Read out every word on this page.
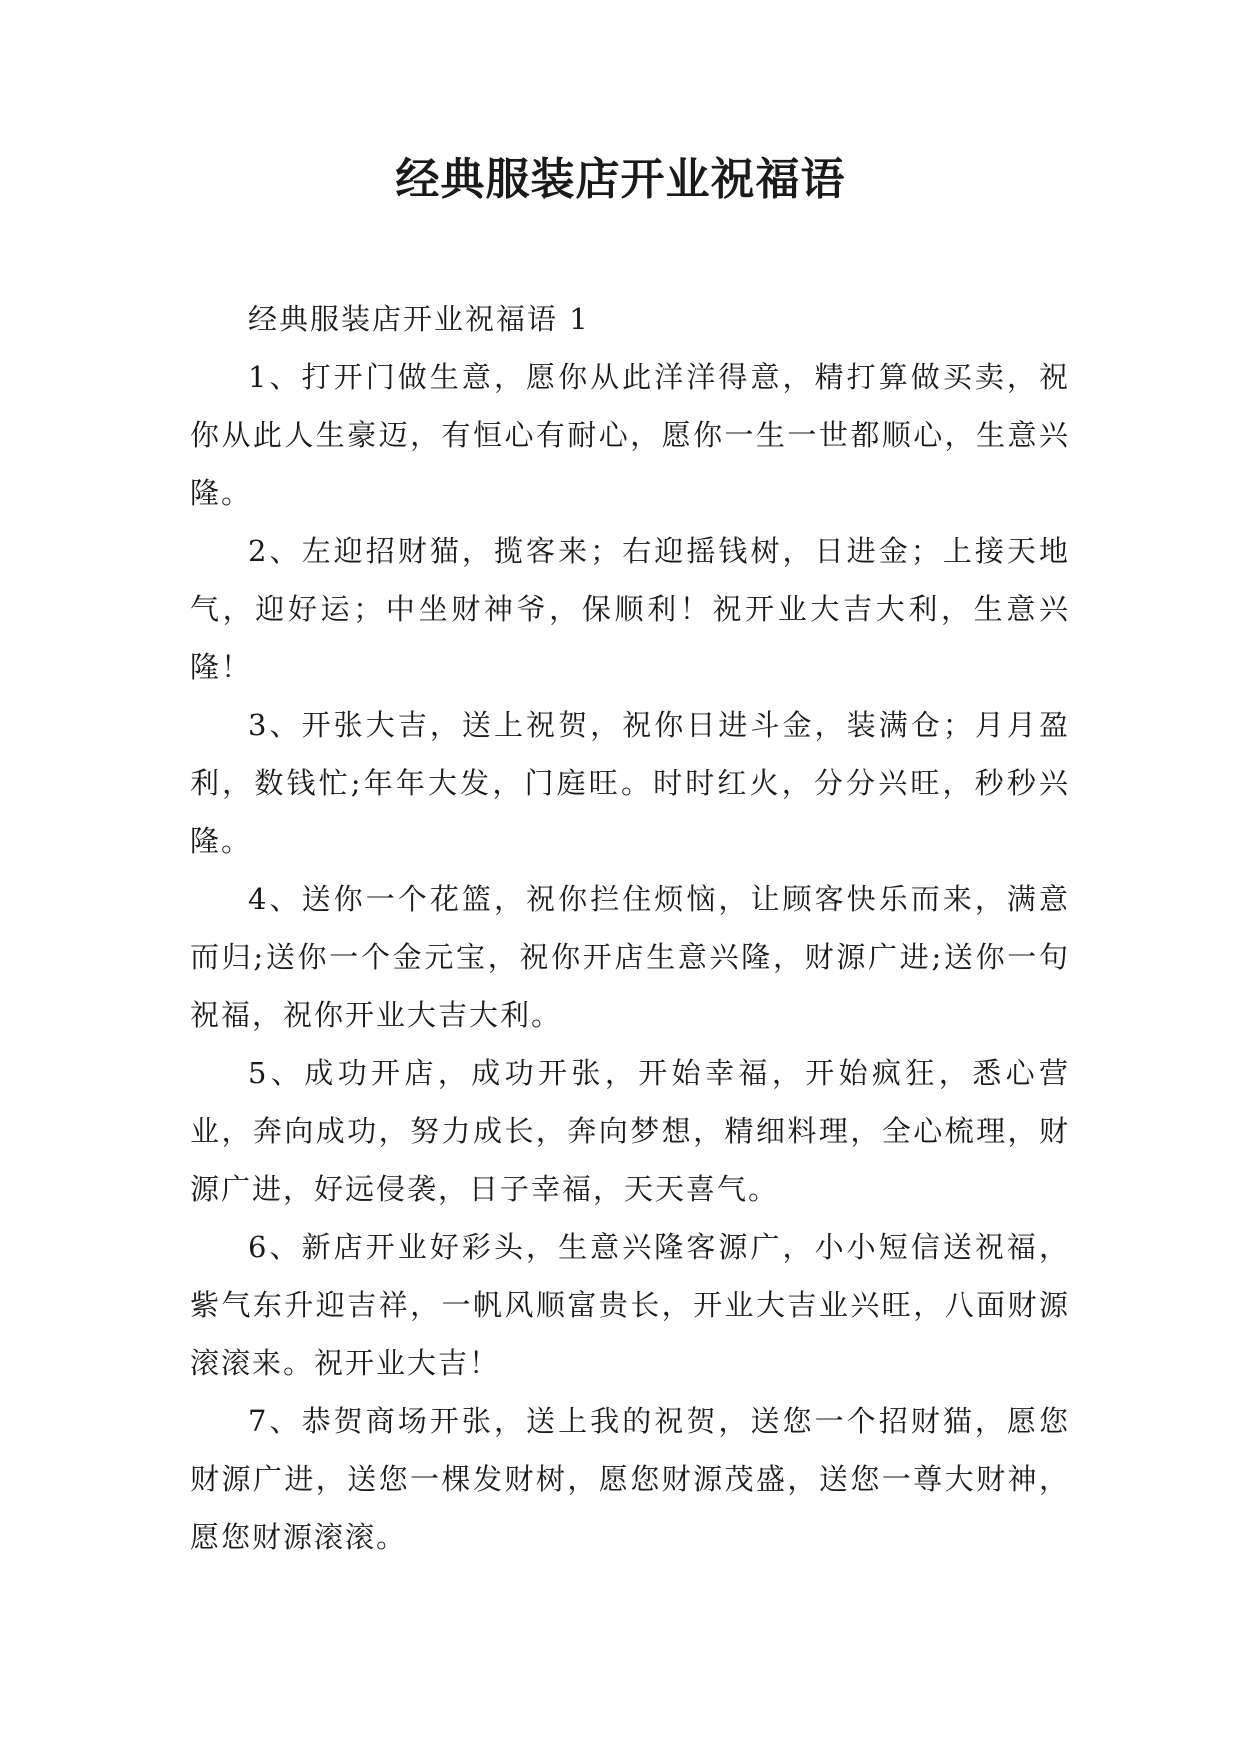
经典服装店开业祝福语

经典服装店开业祝福语 1

1、打开门做生意，愿你从此洋洋得意，精打算做买卖，祝你从此人生豪迈，有恒心有耐心，愿你一生一世都顺心，生意兴隆。

2、左迎招财猫，揽客来；右迎摇钱树，日进金；上接天地气，迎好运；中坐财神爷，保顺利！祝开业大吉大利，生意兴隆！

3、开张大吉，送上祝贺，祝你日进斗金，装满仓；月月盈利，数钱忙;年年大发，门庭旺。时时红火，分分兴旺，秒秒兴隆。

4、送你一个花篮，祝你拦住烦恼，让顾客快乐而来，满意而归;送你一个金元宝，祝你开店生意兴隆，财源广进;送你一句祝福，祝你开业大吉大利。

5、成功开店，成功开张，开始幸福，开始疯狂，悉心营业，奔向成功，努力成长，奔向梦想，精细料理，全心梳理，财源广进，好远侵袭，日子幸福，天天喜气。

6、新店开业好彩头，生意兴隆客源广，小小短信送祝福，紫气东升迎吉祥，一帆风顺富贵长，开业大吉业兴旺，八面财源滚滚来。祝开业大吉！

7、恭贺商场开张，送上我的祝贺，送您一个招财猫，愿您财源广进，送您一棵发财树，愿您财源茂盛，送您一尊大财神，愿您财源滚滚。
